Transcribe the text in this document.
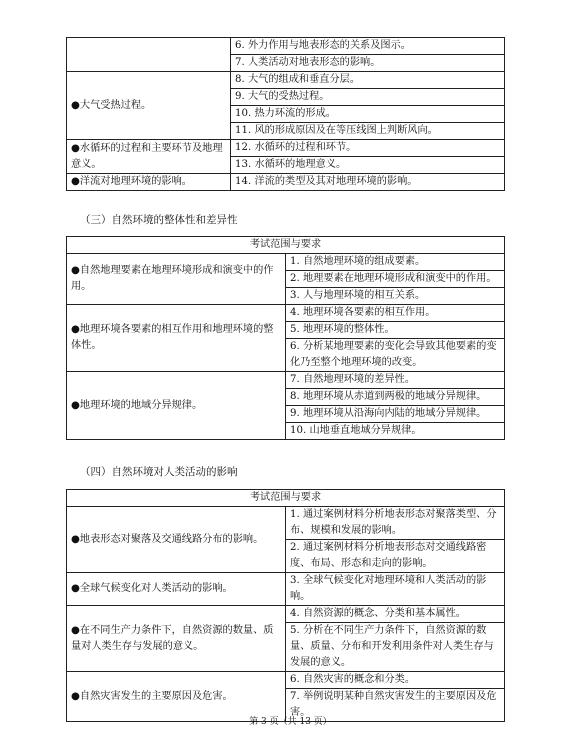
	6. 外力作用与地表形态的关系及图示。
	7. 人类活动对地表形态的影响。
●大气受热过程。	8. 大气的组成和垂直分层。
	9. 大气的受热过程。
	10. 热力环流的形成。
	11. 风的形成原因及在等压线图上判断风向。
●水循环的过程和主要环节及地理意义。	12. 水循环的过程和环节。
	13. 水循环的地理意义。
●洋流对地理环境的影响。	14. 洋流的类型及其对地理环境的影响。
（三）自然环境的整体性和差异性
考试范围与要求	
●自然地理要素在地理环境形成和演变中的作用。	1. 自然地理环境的组成要素。
	2. 地理要素在地理环境形成和演变中的作用。
	3. 人与地理环境的相互关系。
●地理环境各要素的相互作用和地理环境的整体性。	4. 地理环境各要素的相互作用。
	5. 地理环境的整体性。
	6. 分析某地理要素的变化会导致其他要素的变化乃至整个地理环境的改变。
●地理环境的地域分异规律。	7. 自然地理环境的差异性。
	8. 地理环境从赤道到两极的地域分异规律。
	9. 地理环境从沿海向内陆的地域分异规律。
	10. 山地垂直地域分异规律。
（四）自然环境对人类活动的影响
考试范围与要求	
●地表形态对聚落及交通线路分布的影响。	1. 通过案例材料分析地表形态对聚落类型、分布、规模和发展的影响。
	2. 通过案例材料分析地表形态对交通线路密度、布局、形态和走向的影响。
●全球气候变化对人类活动的影响。	3. 全球气候变化对地理环境和人类活动的影响。
●在不同生产力条件下，自然资源的数量、质量对人类生存与发展的意义。	4. 自然资源的概念、分类和基本属性。
	5. 分析在不同生产力条件下，自然资源的数量、质量、分布和开发利用条件对人类生存与发展的意义。
●自然灾害发生的主要原因及危害。	6. 自然灾害的概念和分类。
	7. 举例说明某种自然灾害发生的主要原因及危害。
第 3 页（共 13 页）
